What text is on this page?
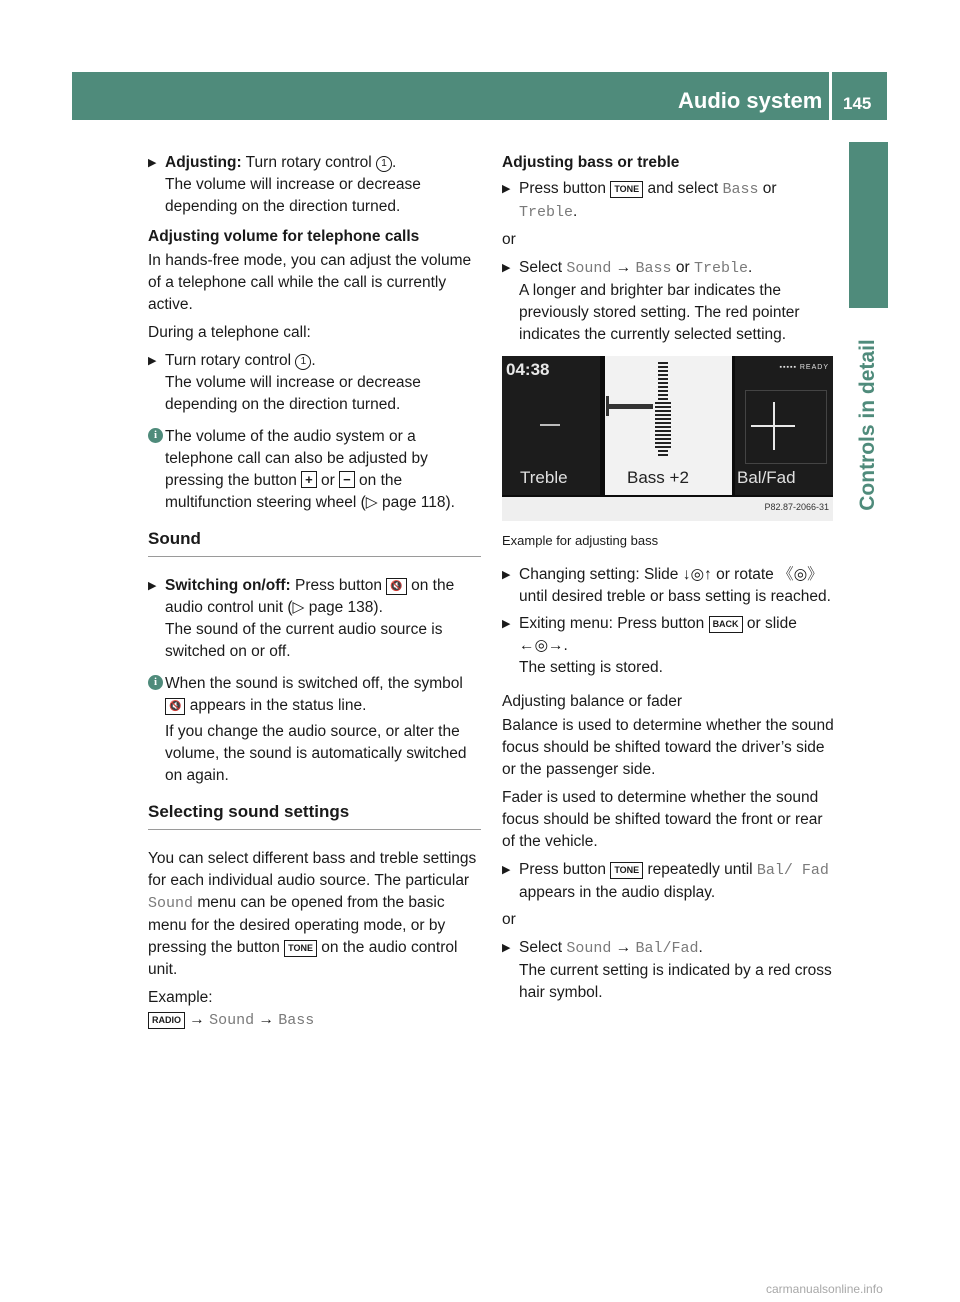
Audio system 145
Controls in detail
▶ Adjusting: Turn rotary control 1 .
The volume will increase or decrease depending on the direction turned.

Adjusting volume for telephone calls

In hands-free mode, you can adjust the volume of a telephone call while the call is currently active.

During a telephone call:

▶ Turn rotary control 1 .
The volume will increase or decrease depending on the direction turned.
i The volume of the audio system or a telephone call can also be adjusted by pressing the button + or − on the multifunction steering wheel (▷ page 118).
Sound
▶ Switching on/off: Press button 🔇 on the audio control unit (▷ page 138).
The sound of the current audio source is switched on or off.
i When the sound is switched off, the symbol 🔇 appears in the status line.

If you change the audio source, or alter the volume, the sound is automatically switched on again.

Selecting sound settings

You can select different bass and treble settings for each individual audio source. The particular Sound menu can be opened from the basic menu for the desired operating mode, or by pressing the button TONE on the audio control unit.

Example:

RADIO → Sound → Bass

Adjusting bass or treble

▶ Press button TONE and select Bass or Treble.

or

▶ Select Sound → Bass or Treble.
A longer and brighter bar indicates the previously stored setting. The red pointer indicates the currently selected setting.
04:38
Treble	Bass +2
▪▪▪▪▪ READY
Bal/Fad
P82.87-2066-31
Example for adjusting bass
▶ Changing setting: Slide ↓◎↑ or rotate 《◎》 until desired treble or bass setting is reached.
▶ Exiting menu: Press button BACK or slide ←◎→.
The setting is stored.

Adjusting balance or fader

Balance is used to determine whether the sound focus should be shifted toward the driver’s side or the passenger side.

Fader is used to determine whether the sound focus should be shifted toward the front or rear of the vehicle.

▶ Press button TONE repeatedly until Bal/ Fad appears in the audio display.

or

▶ Select Sound → Bal/Fad.
The current setting is indicated by a red cross hair symbol.
carmanualsonline.info
